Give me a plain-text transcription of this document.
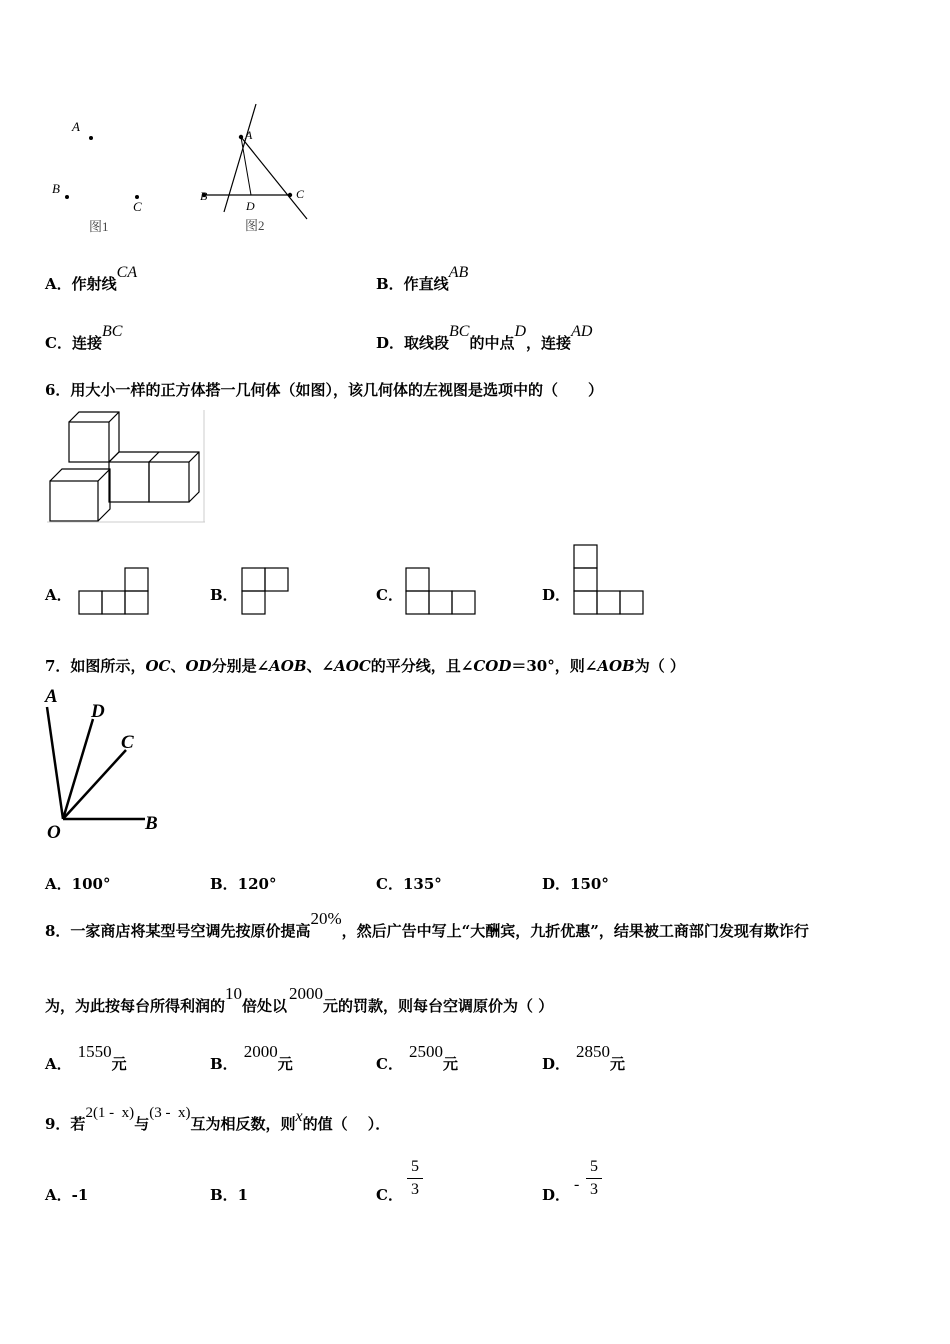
A
B
C
图1
A
B	C
D
图2
A．作射线CA
B．作直线AB
C．连接BC
D．取线段BC的中点D，连接AD
6．用大小一样的正方体搭一几何体（如图），该几何体的左视图是选项中的（　　）
A．	B．	C．	D．
7．如图所示，OC、OD分别是∠AOB、∠AOC的平分线，且∠COD＝30°，则∠AOB为（ ）
A
D
C
O	B
A．100°	B．120°	C．135°	D．150°
8．一家商店将某型号空调先按原价提高20%，然后广告中写上“大酬宾，九折优惠”，结果被工商部门发现有欺诈行
为，为此按每台所得利润的10倍处以2000元的罚款，则每台空调原价为（ ）
A．1550元	B．2000元	C．2500元	D．2850元
9．若2(1 -  x)与(3 -  x)互为相反数，则x的值（　 ）．
A．-1	B．1	C．
5
3	D．
-
5
3
